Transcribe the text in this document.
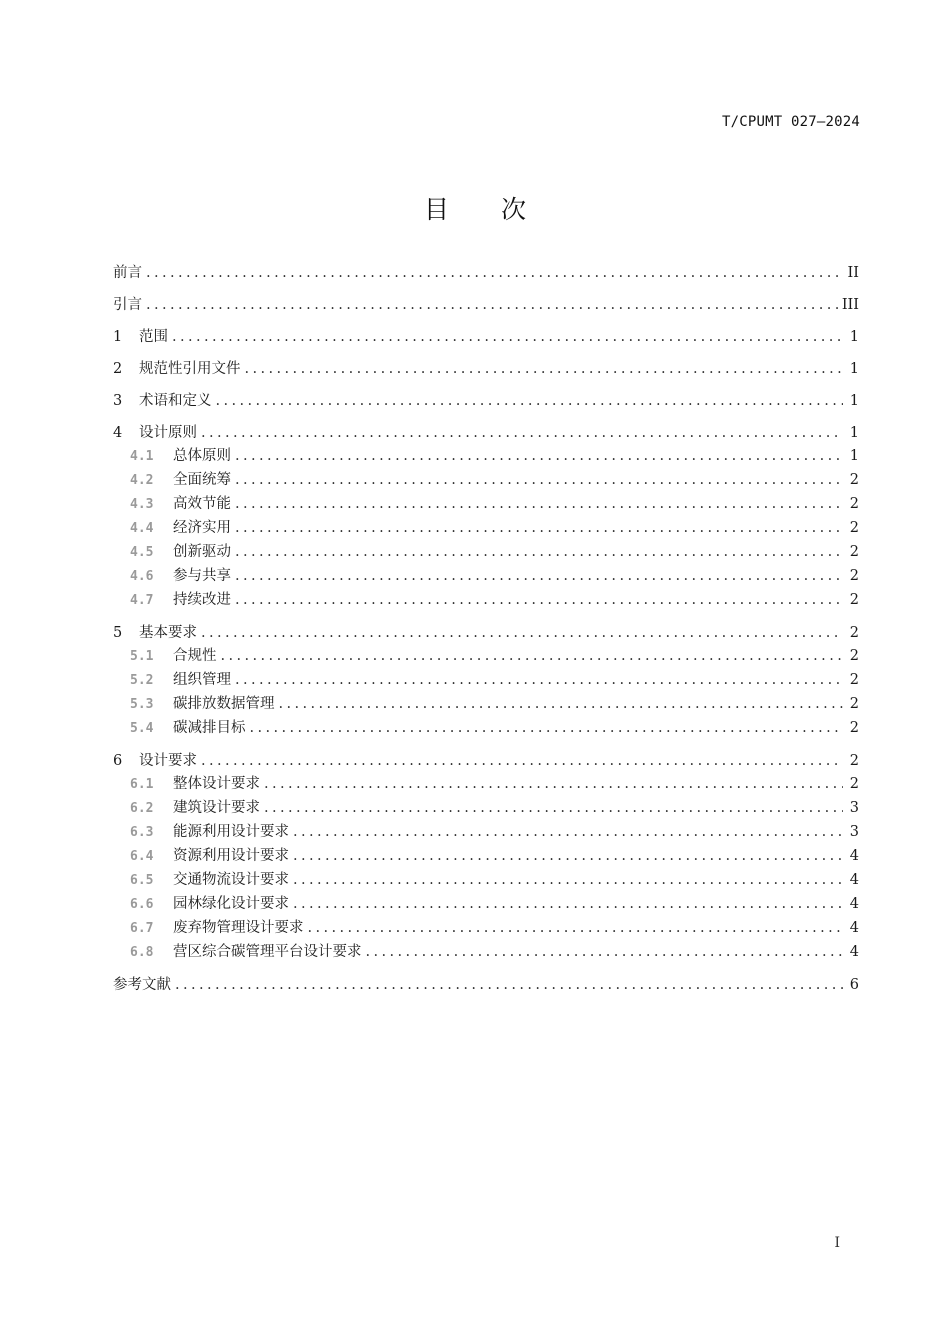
T/CPUMT 027—2024
目次
前言 .....	II
引言 .....	III
1	范围 .....	1
2	规范性引用文件 .....	1
3	术语和定义 .....	1
4	设计原则 .....	1
4.1	总体原则 .....	1
4.2	全面统筹 .....	2
4.3	高效节能 .....	2
4.4	经济实用 .....	2
4.5	创新驱动 .....	2
4.6	参与共享 .....	2
4.7	持续改进 .....	2
5	基本要求 .....	2
5.1	合规性 .....	2
5.2	组织管理 .....	2
5.3	碳排放数据管理 .....	2
5.4	碳减排目标 .....	2
6	设计要求 .....	2
6.1	整体设计要求 .....	2
6.2	建筑设计要求 .....	3
6.3	能源利用设计要求 .....	3
6.4	资源利用设计要求 .....	4
6.5	交通物流设计要求 .....	4
6.6	园林绿化设计要求 .....	4
6.7	废弃物管理设计要求 .....	4
6.8	营区综合碳管理平台设计要求 .....	4
参考文献 .....	6
I
